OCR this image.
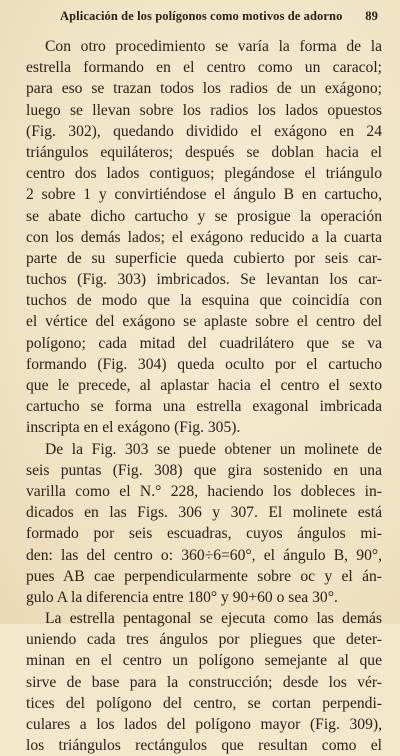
Aplicación de los polígonos como motivos de adorno 89
Con otro procedimiento se varía la forma de la
estrella formando en el centro como un caracol;
para eso se trazan todos los radios de un exágono;
luego se llevan sobre los radios los lados opuestos
(Fig. 302), quedando dividido el exágono en 24
triángulos equiláteros; después se doblan hacia el
centro dos lados contiguos; plegándose el triángulo
2 sobre 1 y convirtiéndose el ángulo B en cartucho,
se abate dicho cartucho y se prosigue la operación
con los demás lados; el exágono reducido a la cuarta
parte de su superficie queda cubierto por seis car-
tuchos (Fig. 303) imbricados. Se levantan los car-
tuchos de modo que la esquina que coincidía con
el vértice del exágono se aplaste sobre el centro del
polígono; cada mitad del cuadrilátero que se va
formando (Fig. 304) queda oculto por el cartucho
que le precede, al aplastar hacia el centro el sexto
cartucho se forma una estrella exagonal imbricada
inscripta en el exágono (Fig. 305).
De la Fig. 303 se puede obtener un molinete de
seis puntas (Fig. 308) que gira sostenido en una
varilla como el N.° 228, haciendo los dobleces in-
dicados en las Figs. 306 y 307. El molinete está
formado por seis escuadras, cuyos ángulos mi-
den: las del centro o: 360÷6=60°, el ángulo B, 90°,
pues AB cae perpendicularmente sobre oc y el án-
gulo A la diferencia entre 180° y 90+60 o sea 30°.
La estrella pentagonal se ejecuta como las demás
uniendo cada tres ángulos por pliegues que deter-
minan en el centro un polígono semejante al que
sirve de base para la construcción; desde los vér-
tices del polígono del centro, se cortan perpendi-
culares a los lados del polígono mayor (Fig. 309),
los triángulos rectángulos que resultan como el
